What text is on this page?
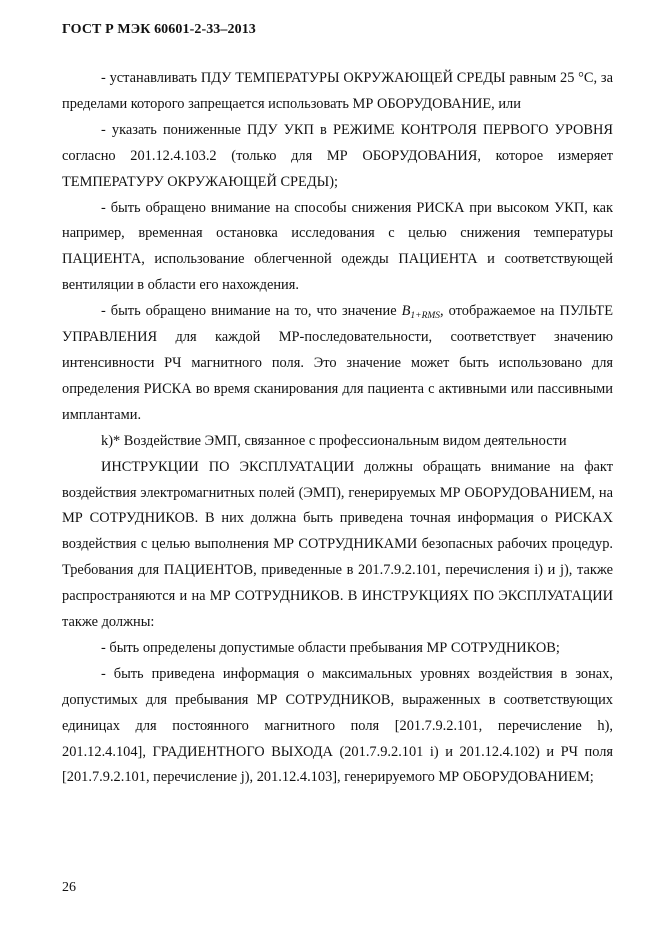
ГОСТ Р МЭК 60601-2-33–2013

- устанавливать ПДУ ТЕМПЕРАТУРЫ ОКРУЖАЮЩЕЙ СРЕДЫ равным 25 °C, за пределами которого запрещается использовать МР ОБОРУДОВАНИЕ, или

- указать пониженные ПДУ УКП в РЕЖИМЕ КОНТРОЛЯ ПЕРВОГО УРОВНЯ согласно 201.12.4.103.2 (только для МР ОБОРУДОВАНИЯ, которое измеряет ТЕМПЕРАТУРУ ОКРУЖАЮЩЕЙ СРЕДЫ);

- быть обращено внимание на способы снижения РИСКА при высоком УКП, как например, временная остановка исследования с целью снижения температуры ПАЦИЕНТА, использование облегченной одежды ПАЦИЕНТА и соответствующей вентиляции в области его нахождения.

- быть обращено внимание на то, что значение $B_{1+RMS}$, отображаемое на ПУЛЬТЕ УПРАВЛЕНИЯ для каждой МР-последовательности, соответствует значению интенсивности РЧ магнитного поля. Это значение может быть использовано для определения РИСКА во время сканирования для пациента с активными или пассивными имплантами.

k)* Воздействие ЭМП, связанное с профессиональным видом деятельности

ИНСТРУКЦИИ ПО ЭКСПЛУАТАЦИИ должны обращать внимание на факт воздействия электромагнитных полей (ЭМП), генерируемых МР ОБОРУДОВАНИЕМ, на МР СОТРУДНИКОВ. В них должна быть приведена точная информация о РИСКАХ воздействия с целью выполнения МР СОТРУДНИКАМИ безопасных рабочих процедур. Требования для ПАЦИЕНТОВ, приведенные в 201.7.9.2.101, перечисления i) и j), также распространяются и на МР СОТРУДНИКОВ. В ИНСТРУКЦИЯХ ПО ЭКСПЛУАТАЦИИ также должны:

- быть определены допустимые области пребывания МР СОТРУДНИКОВ;

- быть приведена информация о максимальных уровнях воздействия в зонах, допустимых для пребывания МР СОТРУДНИКОВ, выраженных в соответствующих единицах для постоянного магнитного поля [201.7.9.2.101, перечисление h), 201.12.4.104], ГРАДИЕНТНОГО ВЫХОДА (201.7.9.2.101 i) и 201.12.4.102) и РЧ поля [201.7.9.2.101, перечисление j), 201.12.4.103], генерируемого МР ОБОРУДОВАНИЕМ;

26
